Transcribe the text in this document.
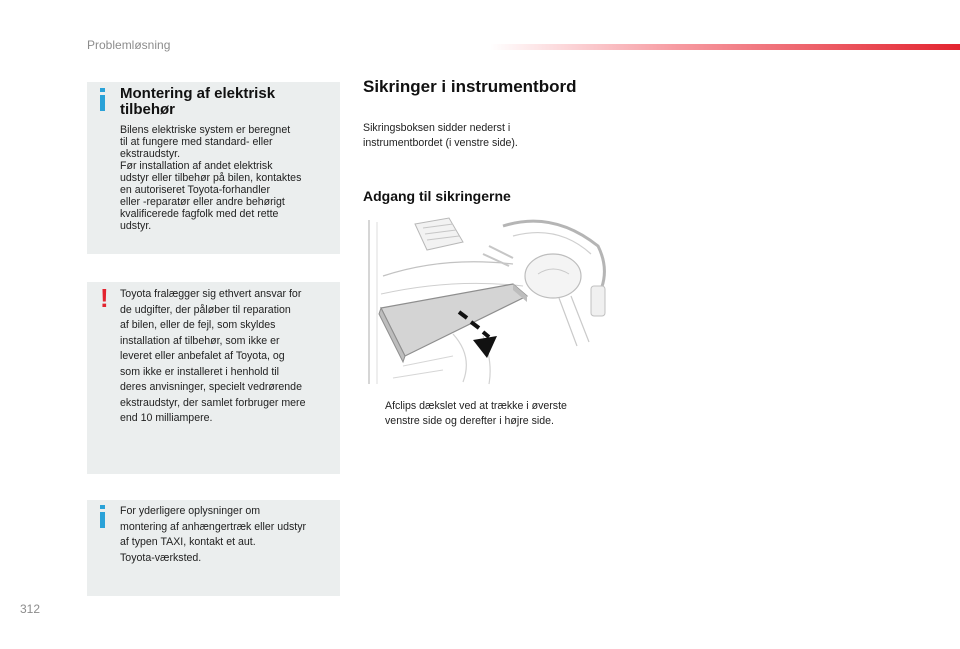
Problemløsning
Montering af elektrisk tilbehør
Bilens elektriske system er beregnet
til at fungere med standard- eller
ekstraudstyr.
Før installation af andet elektrisk
udstyr eller tilbehør på bilen, kontaktes
en autoriseret Toyota-forhandler
eller -reparatør eller andre behørigt
kvalificerede fagfolk med det rette
udstyr.
! Toyota fralægger sig ethvert ansvar for
de udgifter, der påløber til reparation
af bilen, eller de fejl, som skyldes
installation af tilbehør, som ikke er
leveret eller anbefalet af Toyota, og
som ikke er installeret i henhold til
deres anvisninger, specielt vedrørende
ekstraudstyr, der samlet forbruger mere
end 10 milliampere.
For yderligere oplysninger om
montering af anhængertræk eller udstyr
af typen TAXI, kontakt et aut.
Toyota-værksted.
Sikringer i instrumentbord
Sikringsboksen sidder nederst i
instrumentbordet (i venstre side).
Adgang til sikringerne
Afclips dækslet ved at trække i øverste
venstre side og derefter i højre side.
312
